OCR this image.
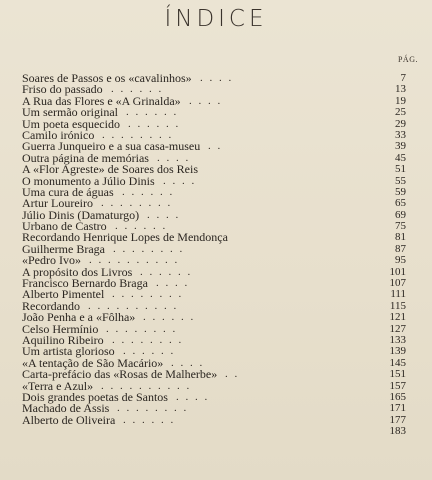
ÍNDICE
PÁG.
Soares de Passos e os «cavalinhos» . . . .	7
Friso do passado . . . . . .	13
A Rua das Flores e «A Grinalda» . . . .	19
Um sermão original . . . . . .	25
Um poeta esquecido . . . . . .	29
Camilo irónico . . . . . . . .	33
Guerra Junqueiro e a sua casa-museu . .	39
Outra página de memórias . . . .	45
A «Flor Agreste» de Soares dos Reis	51
O monumento a Júlio Dinis . . . .	55
Uma cura de águas . . . . . .	59
Artur Loureiro . . . . . . . .	65
Júlio Dinis (Damaturgo) . . . .	69
Urbano de Castro . . . . . .	75
Recordando Henrique Lopes de Mendonça	81
Guilherme Braga . . . . . . . .	87
«Pedro Ivo» . . . . . . . . . .	95
A propósito dos Livros . . . . . .	101
Francisco Bernardo Braga . . . .	107
Alberto Pimentel . . . . . . . .	111
Recordando . . . . . . . . . .	115
João Penha e a «Fôlha» . . . . . .	121
Celso Hermínio . . . . . . . .	127
Aquilino Ribeiro . . . . . . . .	133
Um artista glorioso . . . . . .	139
«A tentação de São Macário» . . . .	145
Carta-prefácio das «Rosas de Malherbe» . .	151
«Terra e Azul» . . . . . . . . . .	157
Dois grandes poetas de Santos . . . .	165
Machado de Assis . . . . . . . .	171
Alberto de Oliveira . . . . . .	177
183
